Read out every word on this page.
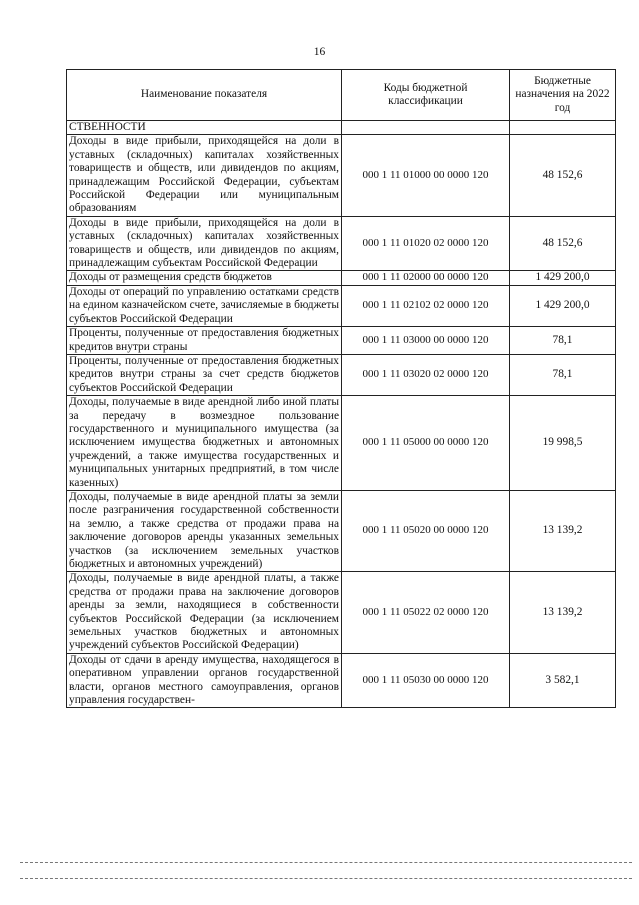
16
Наименование показателя	Коды бюджетной классификации	Бюджетные назначения на 2022 год
СТВЕННОСТИ		
Доходы в виде прибыли, приходящейся на доли в уставных (складочных) капиталах хозяйственных товариществ и обществ, или дивидендов по акциям, принадлежащим Российской Федерации, субъектам Российской Федерации или муниципальным образованиям	000 1 11 01000 00 0000 120	48 152,6
Доходы в виде прибыли, приходящейся на доли в уставных (складочных) капиталах хозяйственных товариществ и обществ, или дивидендов по акциям, принадлежащим субъектам Российской Федерации	000 1 11 01020 02 0000 120	48 152,6
Доходы от размещения средств бюджетов	000 1 11 02000 00 0000 120	1 429 200,0
Доходы от операций по управлению остатками средств на едином казначейском счете, зачисляемые в бюджеты субъектов Российской Федерации	000 1 11 02102 02 0000 120	1 429 200,0
Проценты, полученные от предоставления бюджетных кредитов внутри страны	000 1 11 03000 00 0000 120	78,1
Проценты, полученные от предоставления бюджетных кредитов внутри страны за счет средств бюджетов субъектов Российской Федерации	000 1 11 03020 02 0000 120	78,1
Доходы, получаемые в виде арендной либо иной платы за передачу в возмездное пользование государственного и муниципального имущества (за исключением имущества бюджетных и автономных учреждений, а также имущества государственных и муниципальных унитарных предприятий, в том числе казенных)	000 1 11 05000 00 0000 120	19 998,5
Доходы, получаемые в виде арендной платы за земли после разграничения государственной собственности на землю, а также средства от продажи права на заключение договоров аренды указанных земельных участков (за исключением земельных участков бюджетных и автономных учреждений)	000 1 11 05020 00 0000 120	13 139,2
Доходы, получаемые в виде арендной платы, а также средства от продажи права на заключение договоров аренды за земли, находящиеся в собственности субъектов Российской Федерации (за исключением земельных участков бюджетных и автономных учреждений субъектов Российской Федерации)	000 1 11 05022 02 0000 120	13 139,2
Доходы от сдачи в аренду имущества, находящегося в оперативном управлении органов государственной власти, органов местного самоуправления, органов управления государствен-	000 1 11 05030 00 0000 120	3 582,1
